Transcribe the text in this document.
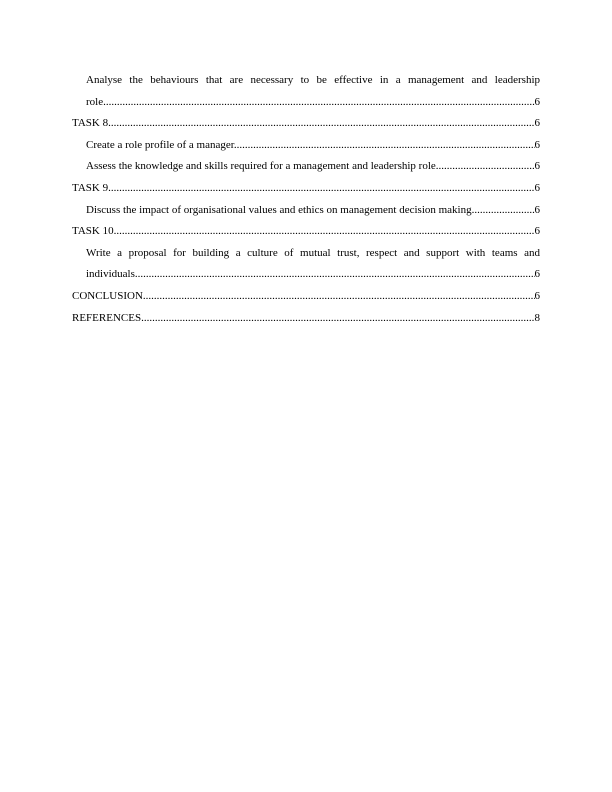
Analyse the behaviours that are necessary to be effective in a management and leadership
role .....	6
TASK 8 .....	6
Create a role profile of a manager. .....	6
Assess the knowledge and skills required for a management and leadership role .....	6
TASK 9 .....	6
Discuss the impact of organisational values and ethics on management decision making. .....	6
TASK 10 .....	6
Write a proposal for building a culture of mutual trust, respect and support with teams and
individuals .....	6
CONCLUSION .....	6
REFERENCES .....	8
